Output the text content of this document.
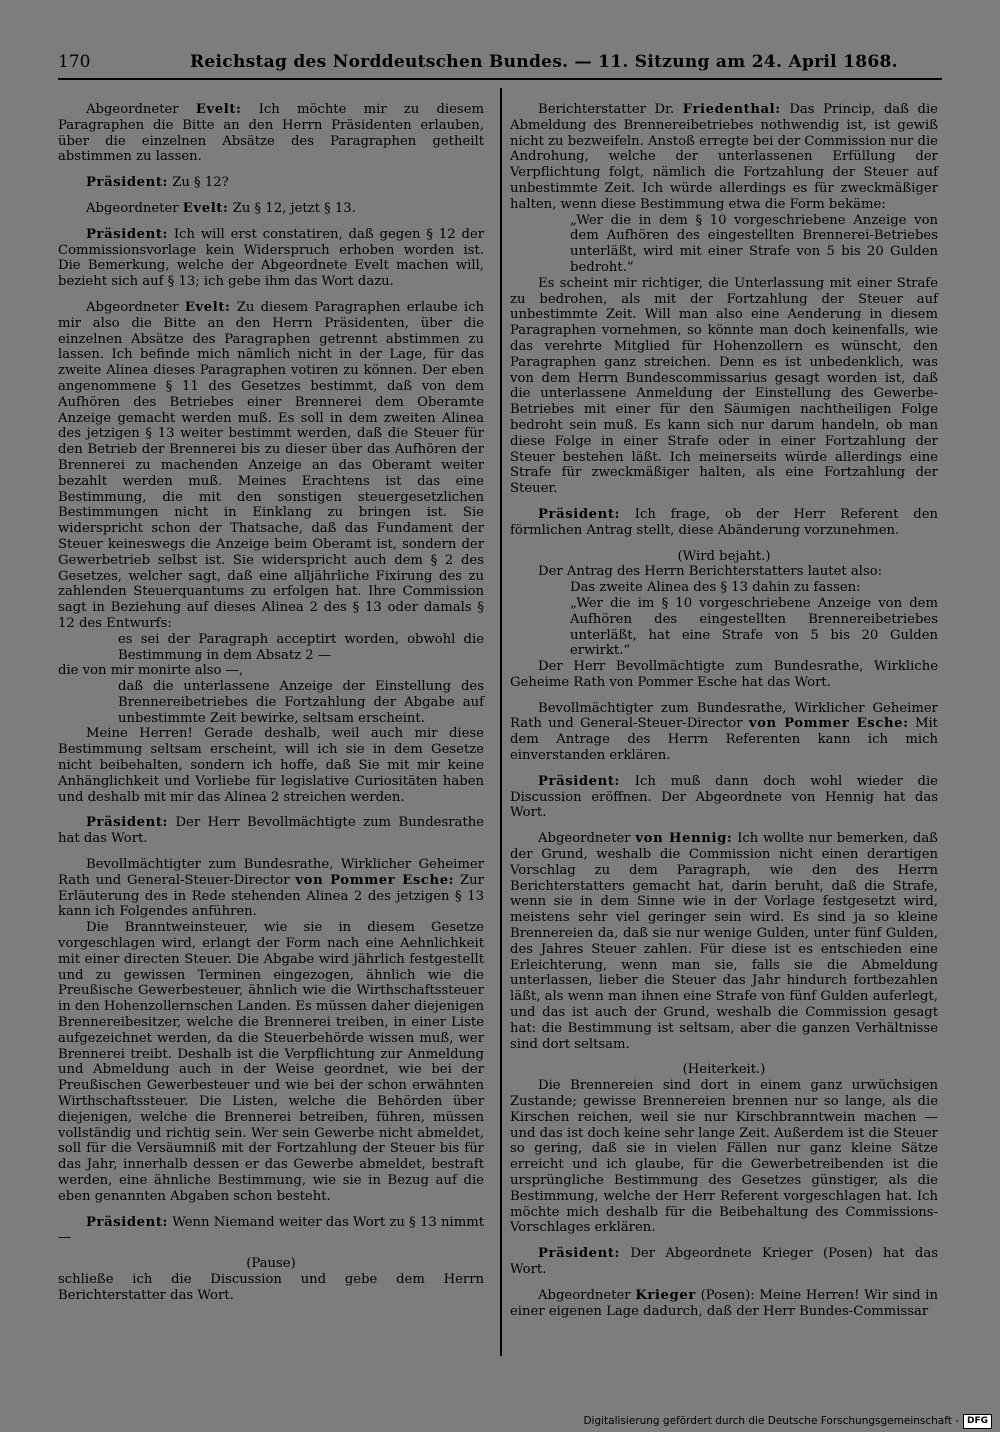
170	Reichstag des Norddeutschen Bundes. — 11. Sitzung am 24. April 1868.

Abgeordneter Evelt: Ich möchte mir zu diesem Paragraphen die Bitte an den Herrn Präsidenten erlauben, über die einzelnen Absätze des Paragraphen getheilt abstimmen zu lassen.

Präsident: Zu § 12?

Abgeordneter Evelt: Zu § 12, jetzt § 13.

Präsident: Ich will erst constatiren, daß gegen § 12 der Commissionsvorlage kein Widerspruch erhoben worden ist. Die Bemerkung, welche der Abgeordnete Evelt machen will, bezieht sich auf § 13; ich gebe ihm das Wort dazu.

Abgeordneter Evelt: Zu diesem Paragraphen erlaube ich mir also die Bitte an den Herrn Präsidenten, über die einzelnen Absätze des Paragraphen getrennt abstimmen zu lassen. Ich befinde mich nämlich nicht in der Lage, für das zweite Alinea dieses Paragraphen votiren zu können. Der eben angenommene § 11 des Gesetzes bestimmt, daß von dem Aufhören des Betriebes einer Brennerei dem Oberamte Anzeige gemacht werden muß. Es soll in dem zweiten Alinea des jetzigen § 13 weiter bestimmt werden, daß die Steuer für den Betrieb der Brennerei bis zu dieser über das Aufhören der Brennerei zu machenden Anzeige an das Oberamt weiter bezahlt werden muß. Meines Erachtens ist das eine Bestimmung, die mit den sonstigen steuergesetzlichen Bestimmungen nicht in Einklang zu bringen ist. Sie widerspricht schon der Thatsache, daß das Fundament der Steuer keineswegs die Anzeige beim Oberamt ist, sondern der Gewerbetrieb selbst ist. Sie widerspricht auch dem § 2 des Gesetzes, welcher sagt, daß eine alljährliche Fixirung des zu zahlenden Steuerquantums zu erfolgen hat. Ihre Commission sagt in Beziehung auf dieses Alinea 2 des § 13 oder damals § 12 des Entwurfs:

es sei der Paragraph acceptirt worden, obwohl die Bestimmung in dem Absatz 2 —

die von mir monirte also —,

daß die unterlassene Anzeige der Einstellung des Brennereibetriebes die Fortzahlung der Abgabe auf unbestimmte Zeit bewirke, seltsam erscheint.

Meine Herren! Gerade deshalb, weil auch mir diese Bestimmung seltsam erscheint, will ich sie in dem Gesetze nicht beibehalten, sondern ich hoffe, daß Sie mit mir keine Anhänglichkeit und Vorliebe für legislative Curiositäten haben und deshalb mit mir das Alinea 2 streichen werden.

Präsident: Der Herr Bevollmächtigte zum Bundesrathe hat das Wort.

Bevollmächtigter zum Bundesrathe, Wirklicher Geheimer Rath und General-Steuer-Director von Pommer Esche: Zur Erläuterung des in Rede stehenden Alinea 2 des jetzigen § 13 kann ich Folgendes anführen.

Die Branntweinsteuer, wie sie in diesem Gesetze vorgeschlagen wird, erlangt der Form nach eine Aehnlichkeit mit einer directen Steuer. Die Abgabe wird jährlich festgestellt und zu gewissen Terminen eingezogen, ähnlich wie die Preußische Gewerbesteuer, ähnlich wie die Wirthschaftssteuer in den Hohenzollernschen Landen. Es müssen daher diejenigen Brennereibesitzer, welche die Brennerei treiben, in einer Liste aufgezeichnet werden, da die Steuerbehörde wissen muß, wer Brennerei treibt. Deshalb ist die Verpflichtung zur Anmeldung und Abmeldung auch in der Weise geordnet, wie bei der Preußischen Gewerbesteuer und wie bei der schon erwähnten Wirthschaftssteuer. Die Listen, welche die Behörden über diejenigen, welche die Brennerei betreiben, führen, müssen vollständig und richtig sein. Wer sein Gewerbe nicht abmeldet, soll für die Versäumniß mit der Fortzahlung der Steuer bis für das Jahr, innerhalb dessen er das Gewerbe abmeldet, bestraft werden, eine ähnliche Bestimmung, wie sie in Bezug auf die eben genannten Abgaben schon besteht.

Präsident: Wenn Niemand weiter das Wort zu § 13 nimmt —

(Pause)

schließe ich die Discussion und gebe dem Herrn Berichterstatter das Wort.

Berichterstatter Dr. Friedenthal: Das Princip, daß die Abmeldung des Brennereibetriebes nothwendig ist, ist gewiß nicht zu bezweifeln. Anstoß erregte bei der Commission nur die Androhung, welche der unterlassenen Erfüllung der Verpflichtung folgt, nämlich die Fortzahlung der Steuer auf unbestimmte Zeit. Ich würde allerdings es für zweckmäßiger halten, wenn diese Bestimmung etwa die Form bekäme:

„Wer die in dem § 10 vorgeschriebene Anzeige von dem Aufhören des eingestellten Brennerei-Betriebes unterläßt, wird mit einer Strafe von 5 bis 20 Gulden bedroht.“

Es scheint mir richtiger, die Unterlassung mit einer Strafe zu bedrohen, als mit der Fortzahlung der Steuer auf unbestimmte Zeit. Will man also eine Aenderung in diesem Paragraphen vornehmen, so könnte man doch keinenfalls, wie das verehrte Mitglied für Hohenzollern es wünscht, den Paragraphen ganz streichen. Denn es ist unbedenklich, was von dem Herrn Bundescommissarius gesagt worden ist, daß die unterlassene Anmeldung der Einstellung des Gewerbe-Betriebes mit einer für den Säumigen nachtheiligen Folge bedroht sein muß. Es kann sich nur darum handeln, ob man diese Folge in einer Strafe oder in einer Fortzahlung der Steuer bestehen läßt. Ich meinerseits würde allerdings eine Strafe für zweckmäßiger halten, als eine Fortzahlung der Steuer.

Präsident: Ich frage, ob der Herr Referent den förmlichen Antrag stellt, diese Abänderung vorzunehmen.

(Wird bejaht.)

Der Antrag des Herrn Berichterstatters lautet also:

Das zweite Alinea des § 13 dahin zu fassen:

„Wer die im § 10 vorgeschriebene Anzeige von dem Aufhören des eingestellten Brennereibetriebes unterläßt, hat eine Strafe von 5 bis 20 Gulden erwirkt.“

Der Herr Bevollmächtigte zum Bundesrathe, Wirkliche Geheime Rath von Pommer Esche hat das Wort.

Bevollmächtigter zum Bundesrathe, Wirklicher Geheimer Rath und General-Steuer-Director von Pommer Esche: Mit dem Antrage des Herrn Referenten kann ich mich einverstanden erklären.

Präsident: Ich muß dann doch wohl wieder die Discussion eröffnen. Der Abgeordnete von Hennig hat das Wort.

Abgeordneter von Hennig: Ich wollte nur bemerken, daß der Grund, weshalb die Commission nicht einen derartigen Vorschlag zu dem Paragraph, wie den des Herrn Berichterstatters gemacht hat, darin beruht, daß die Strafe, wenn sie in dem Sinne wie in der Vorlage festgesetzt wird, meistens sehr viel geringer sein wird. Es sind ja so kleine Brennereien da, daß sie nur wenige Gulden, unter fünf Gulden, des Jahres Steuer zahlen. Für diese ist es entschieden eine Erleichterung, wenn man sie, falls sie die Abmeldung unterlassen, lieber die Steuer das Jahr hindurch fortbezahlen läßt, als wenn man ihnen eine Strafe von fünf Gulden auferlegt, und das ist auch der Grund, weshalb die Commission gesagt hat: die Bestimmung ist seltsam, aber die ganzen Verhältnisse sind dort seltsam.

(Heiterkeit.)

Die Brennereien sind dort in einem ganz urwüchsigen Zustande; gewisse Brennereien brennen nur so lange, als die Kirschen reichen, weil sie nur Kirschbranntwein machen — und das ist doch keine sehr lange Zeit. Außerdem ist die Steuer so gering, daß sie in vielen Fällen nur ganz kleine Sätze erreicht und ich glaube, für die Gewerbetreibenden ist die ursprüngliche Bestimmung des Gesetzes günstiger, als die Bestimmung, welche der Herr Referent vorgeschlagen hat. Ich möchte mich deshalb für die Beibehaltung des Commissions-Vorschlages erklären.

Präsident: Der Abgeordnete Krieger (Posen) hat das Wort.

Abgeordneter Krieger (Posen): Meine Herren! Wir sind in einer eigenen Lage dadurch, daß der Herr Bundes-Commissar

Digitalisierung gefördert durch die Deutsche Forschungsgemeinschaft - DFG
